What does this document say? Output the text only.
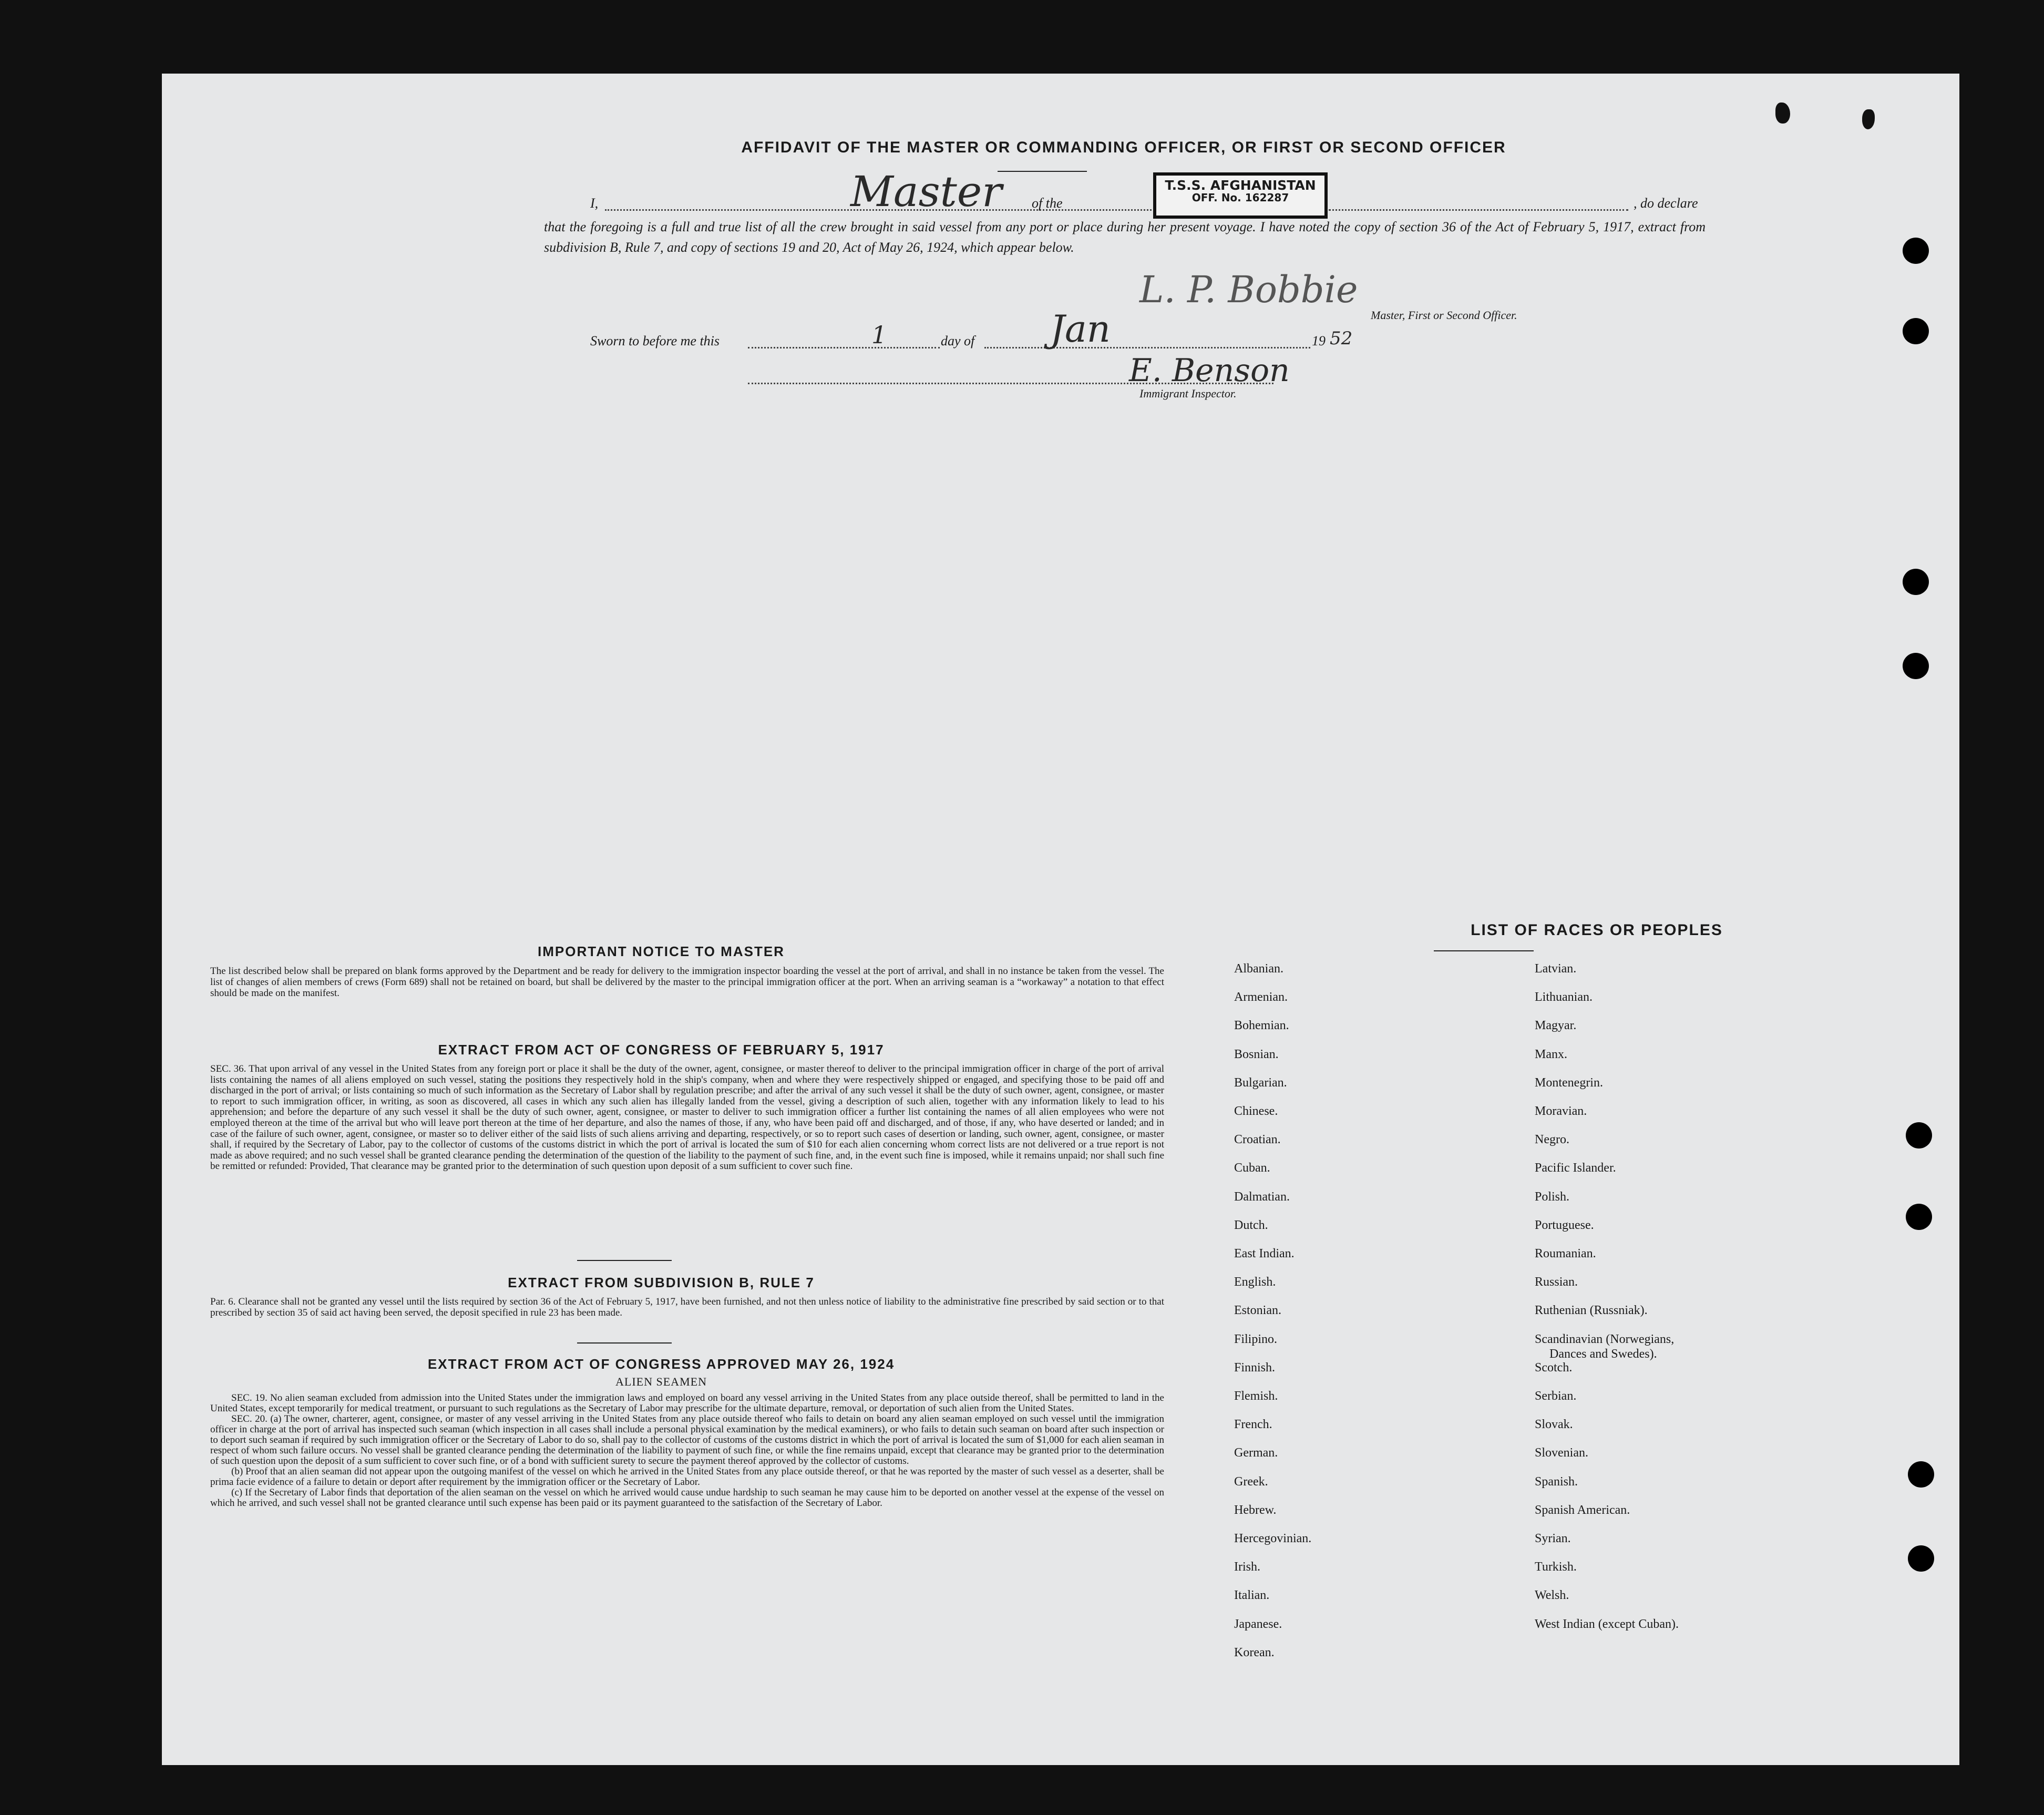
AFFIDAVIT OF THE MASTER OR COMMANDING OFFICER, OR FIRST OR SECOND OFFICER
I,	Master of the
T.S.S. AFGHANISTAN
OFF. No. 162287	, do declare
that the foregoing is a full and true list of all the crew brought in said vessel from any port or place during her present voyage. I have noted the copy of section 36 of the Act of February 5, 1917, extract from subdivision B, Rule 7, and copy of sections 19 and 20, Act of May 26, 1924, which appear below.
L. P. Bobbie
Master, First or Second Officer.
Sworn to before me this	1	day of Jan	19 52
E. Benson
Immigrant Inspector.
IMPORTANT NOTICE TO MASTER
The list described below shall be prepared on blank forms approved by the Department and be ready for delivery to the immigration inspector boarding the vessel at the port of arrival, and shall in no instance be taken from the vessel. The list of changes of alien members of crews (Form 689) shall not be retained on board, but shall be delivered by the master to the principal immigration officer at the port. When an arriving seaman is a “workaway” a notation to that effect should be made on the manifest.
EXTRACT FROM ACT OF CONGRESS OF FEBRUARY 5, 1917
SEC. 36. That upon arrival of any vessel in the United States from any foreign port or place it shall be the duty of the owner, agent, consignee, or master thereof to deliver to the principal immigration officer in charge of the port of arrival lists containing the names of all aliens employed on such vessel, stating the positions they respectively hold in the ship's company, when and where they were respectively shipped or engaged, and specifying those to be paid off and discharged in the port of arrival; or lists containing so much of such information as the Secretary of Labor shall by regulation prescribe; and after the arrival of any such vessel it shall be the duty of such owner, agent, consignee, or master to report to such immigration officer, in writing, as soon as discovered, all cases in which any such alien has illegally landed from the vessel, giving a description of such alien, together with any information likely to lead to his apprehension; and before the departure of any such vessel it shall be the duty of such owner, agent, consignee, or master to deliver to such immigration officer a further list containing the names of all alien employees who were not employed thereon at the time of the arrival but who will leave port thereon at the time of her departure, and also the names of those, if any, who have been paid off and discharged, and of those, if any, who have deserted or landed; and in case of the failure of such owner, agent, consignee, or master so to deliver either of the said lists of such aliens arriving and departing, respectively, or so to report such cases of desertion or landing, such owner, agent, consignee, or master shall, if required by the Secretary of Labor, pay to the collector of customs of the customs district in which the port of arrival is located the sum of $10 for each alien concerning whom correct lists are not delivered or a true report is not made as above required; and no such vessel shall be granted clearance pending the determination of the question of the liability to the payment of such fine, and, in the event such fine is imposed, while it remains unpaid; nor shall such fine be remitted or refunded: Provided, That clearance may be granted prior to the determination of such question upon deposit of a sum sufficient to cover such fine.
EXTRACT FROM SUBDIVISION B, RULE 7
Par. 6. Clearance shall not be granted any vessel until the lists required by section 36 of the Act of February 5, 1917, have been furnished, and not then unless notice of liability to the administrative fine prescribed by said section or to that prescribed by section 35 of said act having been served, the deposit specified in rule 23 has been made.
EXTRACT FROM ACT OF CONGRESS APPROVED MAY 26, 1924
ALIEN SEAMEN
SEC. 19. No alien seaman excluded from admission into the United States under the immigration laws and employed on board any vessel arriving in the United States from any place outside thereof, shall be permitted to land in the United States, except temporarily for medical treatment, or pursuant to such regulations as the Secretary of Labor may prescribe for the ultimate departure, removal, or deportation of such alien from the United States.
SEC. 20. (a) The owner, charterer, agent, consignee, or master of any vessel arriving in the United States from any place outside thereof who fails to detain on board any alien seaman employed on such vessel until the immigration officer in charge at the port of arrival has inspected such seaman (which inspection in all cases shall include a personal physical examination by the medical examiners), or who fails to detain such seaman on board after such inspection or to deport such seaman if required by such immigration officer or the Secretary of Labor to do so, shall pay to the collector of customs of the customs district in which the port of arrival is located the sum of $1,000 for each alien seaman in respect of whom such failure occurs. No vessel shall be granted clearance pending the determination of the liability to payment of such fine, or while the fine remains unpaid, except that clearance may be granted prior to the determination of such question upon the deposit of a sum sufficient to cover such fine, or of a bond with sufficient surety to secure the payment thereof approved by the collector of customs.
(b) Proof that an alien seaman did not appear upon the outgoing manifest of the vessel on which he arrived in the United States from any place outside thereof, or that he was reported by the master of such vessel as a deserter, shall be prima facie evidence of a failure to detain or deport after requirement by the immigration officer or the Secretary of Labor.
(c) If the Secretary of Labor finds that deportation of the alien seaman on the vessel on which he arrived would cause undue hardship to such seaman he may cause him to be deported on another vessel at the expense of the vessel on which he arrived, and such vessel shall not be granted clearance until such expense has been paid or its payment guaranteed to the satisfaction of the Secretary of Labor.
LIST OF RACES OR PEOPLES
Albanian.
Armenian.
Bohemian.
Bosnian.
Bulgarian.
Chinese.
Croatian.
Cuban.
Dalmatian.
Dutch.
East Indian.
English.
Estonian.
Filipino.
Finnish.
Flemish.
French.
German.
Greek.
Hebrew.
Hercegovinian.
Irish.
Italian.
Japanese.
Korean.
Latvian.
Lithuanian.
Magyar.
Manx.
Montenegrin.
Moravian.
Negro.
Pacific Islander.
Polish.
Portuguese.
Roumanian.
Russian.
Ruthenian (Russniak).
Scandinavian (Norwegians,
Dances and Swedes).
Scotch.
Serbian.
Slovak.
Slovenian.
Spanish.
Spanish American.
Syrian.
Turkish.
Welsh.
West Indian (except Cuban).
